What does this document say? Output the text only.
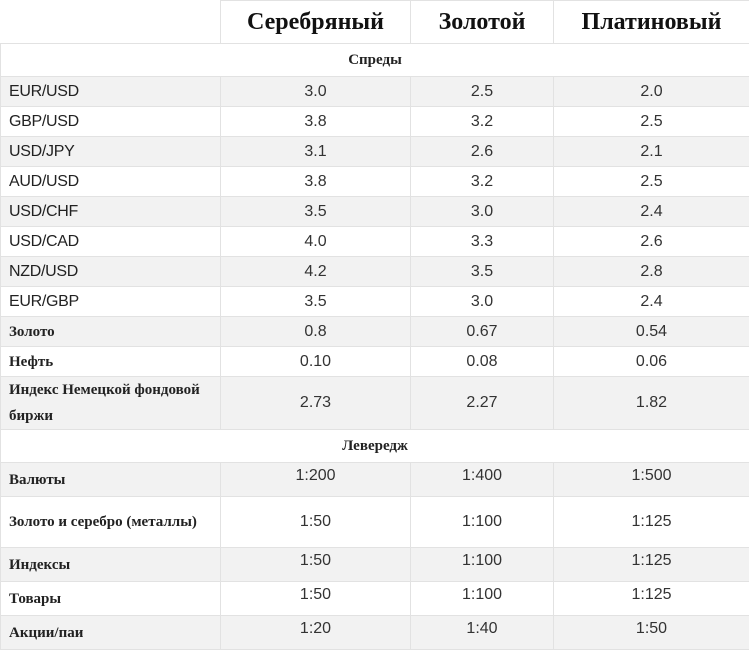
	Серебряный	Золотой	Платиновый
Спреды			
EUR/USD	3.0	2.5	2.0
GBP/USD	3.8	3.2	2.5
USD/JPY	3.1	2.6	2.1
AUD/USD	3.8	3.2	2.5
USD/CHF	3.5	3.0	2.4
USD/CAD	4.0	3.3	2.6
NZD/USD	4.2	3.5	2.8
EUR/GBP	3.5	3.0	2.4
Золото	0.8	0.67	0.54
Нефть	0.10	0.08	0.06
Индекс Немецкой фондовой биржи	2.73	2.27	1.82
Левередж			
Валюты	1:200	1:400	1:500
Золото и серебро (металлы)	1:50	1:100	1:125
Индексы	1:50	1:100	1:125
Товары	1:50	1:100	1:125
Акции/паи	1:20	1:40	1:50
